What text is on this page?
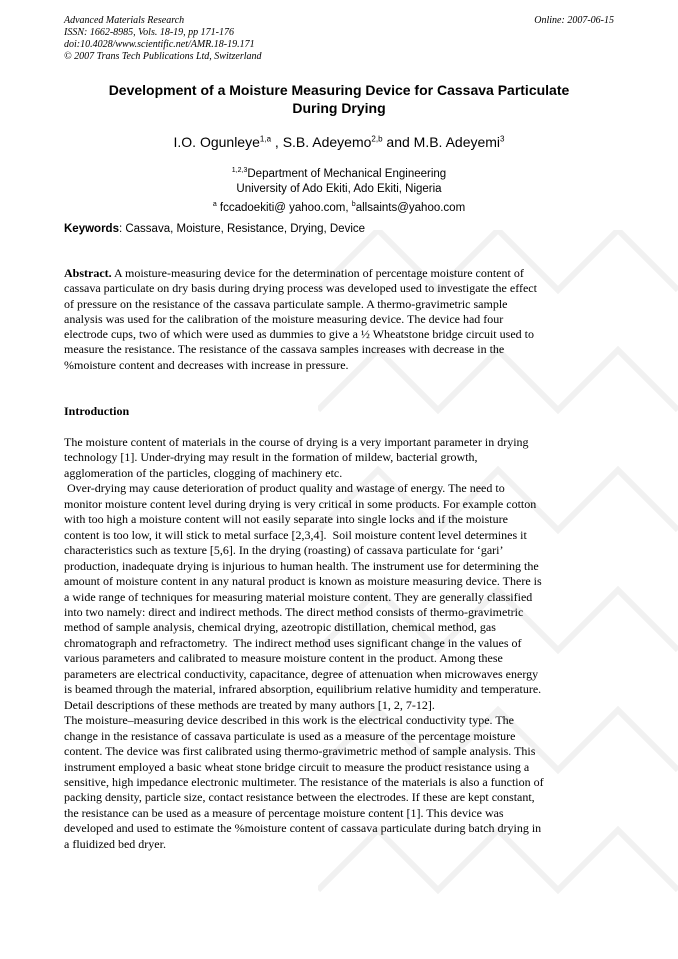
Advanced Materials Research
ISSN: 1662-8985, Vols. 18-19, pp 171-176
doi:10.4028/www.scientific.net/AMR.18-19.171
© 2007 Trans Tech Publications Ltd, Switzerland
Online: 2007-06-15
Development of a Moisture Measuring Device for Cassava Particulate
During Drying
I.O. Ogunleye$^{1,a}$ , S.B. Adeyemo$^{2,b}$ and M.B. Adeyemi$^3$
$^{1,2,3}$Department of Mechanical Engineering
University of Ado Ekiti, Ado Ekiti, Nigeria
$^a$ fccadoekiti@ yahoo.com, $^b$allsaints@yahoo.com
Keywords: Cassava, Moisture, Resistance, Drying, Device
Abstract. A moisture-measuring device for the determination of percentage moisture content of
cassava particulate on dry basis during drying process was developed used to investigate the effect
of pressure on the resistance of the cassava particulate sample. A thermo-gravimetric sample
analysis was used for the calibration of the moisture measuring device. The device had four
electrode cups, two of which were used as dummies to give a ½ Wheatstone bridge circuit used to
measure the resistance. The resistance of the cassava samples increases with decrease in the
%moisture content and decreases with increase in pressure.
Introduction
The moisture content of materials in the course of drying is a very important parameter in drying
technology [1]. Under-drying may result in the formation of mildew, bacterial growth,
agglomeration of the particles, clogging of machinery etc.
Over-drying may cause deterioration of product quality and wastage of energy. The need to
monitor moisture content level during drying is very critical in some products. For example cotton
with too high a moisture content will not easily separate into single locks and if the moisture
content is too low, it will stick to metal surface [2,3,4].  Soil moisture content level determines it
characteristics such as texture [5,6]. In the drying (roasting) of cassava particulate for ‘gari’
production, inadequate drying is injurious to human health. The instrument use for determining the
amount of moisture content in any natural product is known as moisture measuring device. There is
a wide range of techniques for measuring material moisture content. They are generally classified
into two namely: direct and indirect methods. The direct method consists of thermo-gravimetric
method of sample analysis, chemical drying, azeotropic distillation, chemical method, gas
chromatograph and refractometry.  The indirect method uses significant change in the values of
various parameters and calibrated to measure moisture content in the product. Among these
parameters are electrical conductivity, capacitance, degree of attenuation when microwaves energy
is beamed through the material, infrared absorption, equilibrium relative humidity and temperature.
Detail descriptions of these methods are treated by many authors [1, 2, 7-12].
The moisture–measuring device described in this work is the electrical conductivity type. The
change in the resistance of cassava particulate is used as a measure of the percentage moisture
content. The device was first calibrated using thermo-gravimetric method of sample analysis. This
instrument employed a basic wheat stone bridge circuit to measure the product resistance using a
sensitive, high impedance electronic multimeter. The resistance of the materials is also a function of
packing density, particle size, contact resistance between the electrodes. If these are kept constant,
the resistance can be used as a measure of percentage moisture content [1]. This device was
developed and used to estimate the %moisture content of cassava particulate during batch drying in
a fluidized bed dryer.
